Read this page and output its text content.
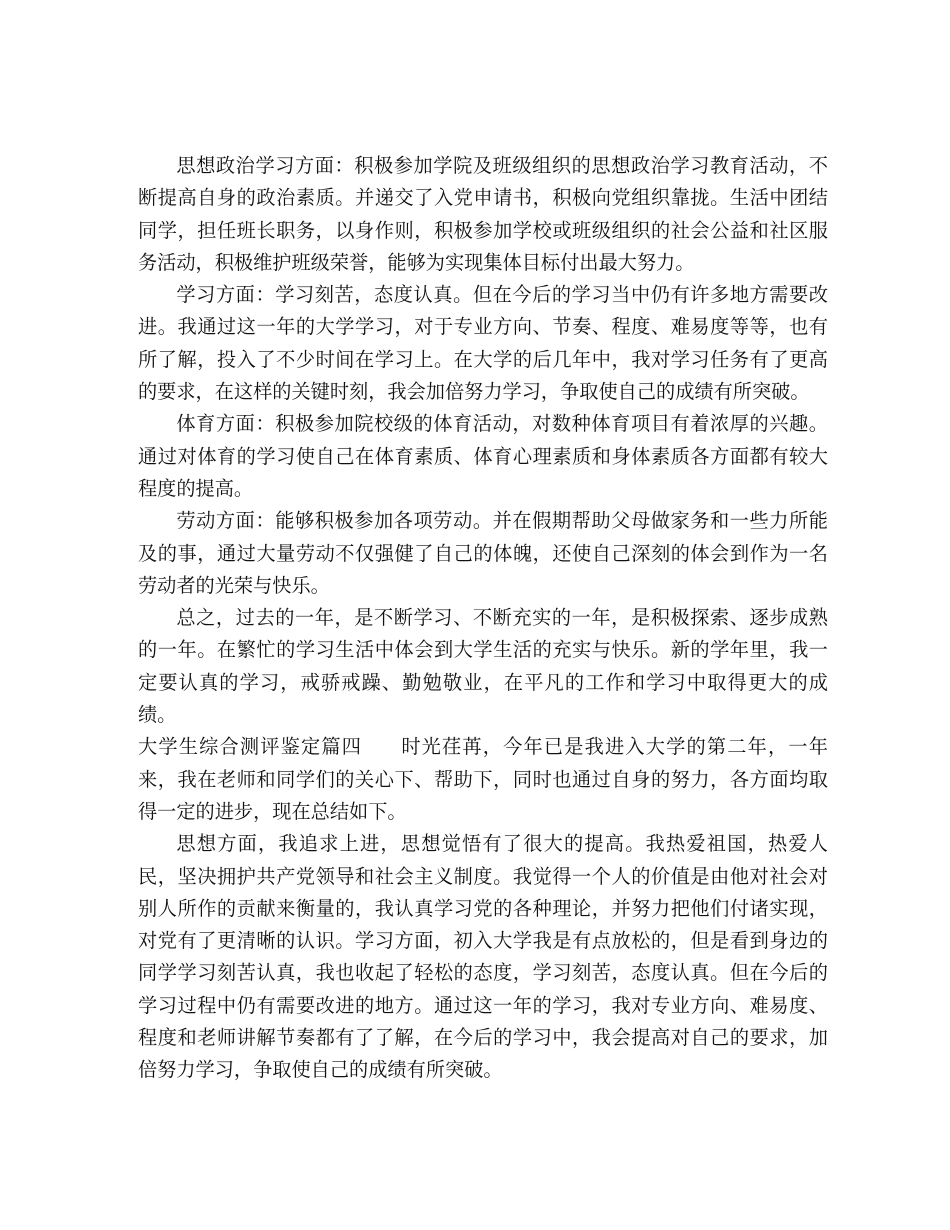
思想政治学习方面：积极参加学院及班级组织的思想政治学习教育活动，不断提高自身的政治素质。并递交了入党申请书，积极向党组织靠拢。生活中团结同学，担任班长职务，以身作则，积极参加学校或班级组织的社会公益和社区服务活动，积极维护班级荣誉，能够为实现集体目标付出最大努力。

学习方面：学习刻苦，态度认真。但在今后的学习当中仍有许多地方需要改进。我通过这一年的大学学习，对于专业方向、节奏、程度、难易度等等，也有所了解，投入了不少时间在学习上。在大学的后几年中，我对学习任务有了更高的要求，在这样的关键时刻，我会加倍努力学习，争取使自己的成绩有所突破。

体育方面：积极参加院校级的体育活动，对数种体育项目有着浓厚的兴趣。通过对体育的学习使自己在体育素质、体育心理素质和身体素质各方面都有较大程度的提高。

劳动方面：能够积极参加各项劳动。并在假期帮助父母做家务和一些力所能及的事，通过大量劳动不仅强健了自己的体魄，还使自己深刻的体会到作为一名劳动者的光荣与快乐。

总之，过去的一年，是不断学习、不断充实的一年，是积极探索、逐步成熟的一年。在繁忙的学习生活中体会到大学生活的充实与快乐。新的学年里，我一定要认真的学习，戒骄戒躁、勤勉敬业，在平凡的工作和学习中取得更大的成绩。

大学生综合测评鉴定篇四 时光荏苒，今年已是我进入大学的第二年，一年来，我在老师和同学们的关心下、帮助下，同时也通过自身的努力，各方面均取得一定的进步，现在总结如下。

思想方面，我追求上进，思想觉悟有了很大的提高。我热爱祖国，热爱人民，坚决拥护共产党领导和社会主义制度。我觉得一个人的价值是由他对社会对别人所作的贡献来衡量的，我认真学习党的各种理论，并努力把他们付诸实现，对党有了更清晰的认识。学习方面，初入大学我是有点放松的，但是看到身边的同学学习刻苦认真，我也收起了轻松的态度，学习刻苦，态度认真。但在今后的学习过程中仍有需要改进的地方。通过这一年的学习，我对专业方向、难易度、程度和老师讲解节奏都有了了解，在今后的学习中，我会提高对自己的要求，加倍努力学习，争取使自己的成绩有所突破。
